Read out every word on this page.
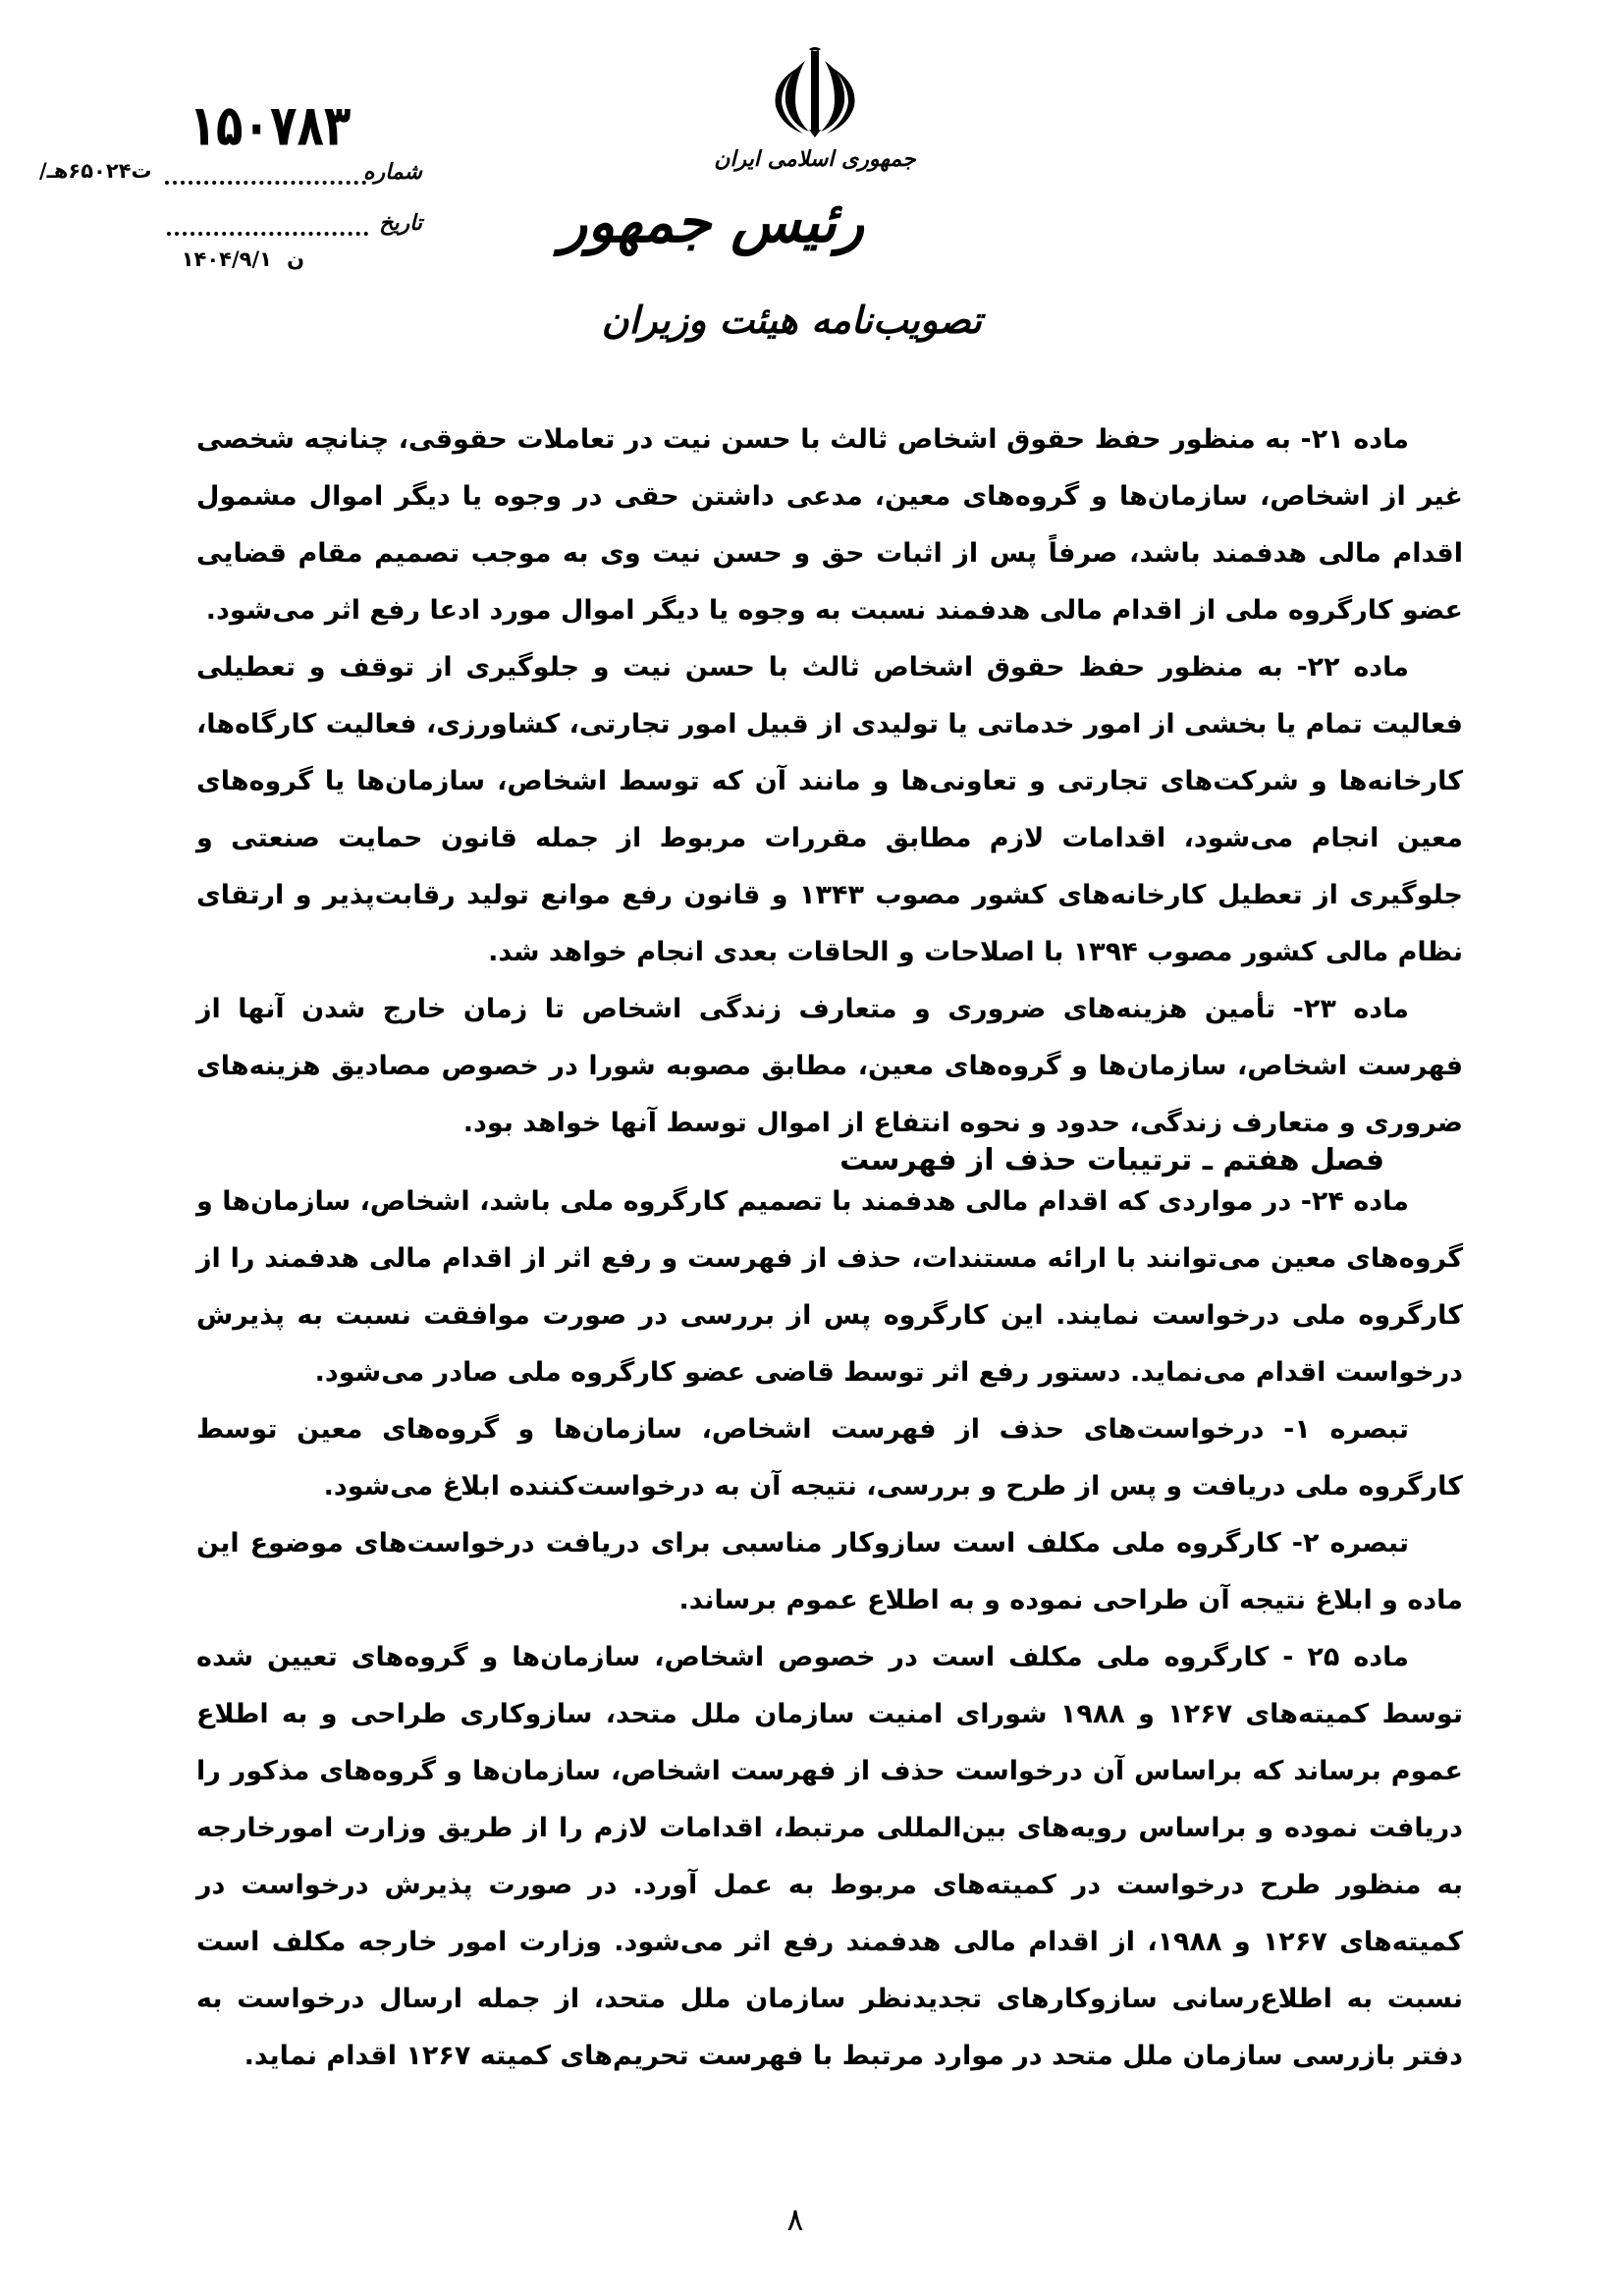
۱۵۰۷۸۳
شماره
ت۶۵۰۲۴هـ/
تاریخ
ن ۱۴۰۴/۹/۱
جمهوری اسلامی ایران
رئیس جمهور
تصویب‌نامه هیئت وزیران

ماده ۲۱- به منظور حفظ حقوق اشخاص ثالث با حسن نیت در تعاملات حقوقی، چنانچه شخصی غیر از اشخاص، سازمان‌ها و گروه‌های معین، مدعی داشتن حقی در وجوه یا دیگر اموال مشمول اقدام مالی هدفمند باشد، صرفاً پس از اثبات حق و حسن نیت وی به موجب تصمیم مقام قضایی عضو کارگروه ملی از اقدام مالی هدفمند نسبت به وجوه یا دیگر اموال مورد ادعا رفع اثر می‌شود.

ماده ۲۲- به منظور حفظ حقوق اشخاص ثالث با حسن نیت و جلوگیری از توقف و تعطیلی فعالیت تمام یا بخشی از امور خدماتی یا تولیدی از قبیل امور تجارتی، کشاورزی، فعالیت کارگاه‌ها، کارخانه‌ها و شرکت‌های تجارتی و تعاونی‌ها و مانند آن که توسط اشخاص، سازمان‌ها یا گروه‌های معین انجام می‌شود، اقدامات لازم مطابق مقررات مربوط از جمله قانون حمایت صنعتی و جلوگیری از تعطیل کارخانه‌های کشور مصوب ۱۳۴۳ و قانون رفع موانع تولید رقابت‌پذیر و ارتقای نظام مالی کشور مصوب ۱۳۹۴ با اصلاحات و الحاقات بعدی انجام خواهد شد.

ماده ۲۳- تأمین هزینه‌های ضروری و متعارف زندگی اشخاص تا زمان خارج شدن آنها از فهرست اشخاص، سازمان‌ها و گروه‌های معین، مطابق مصوبه شورا در خصوص مصادیق هزینه‌های ضروری و متعارف زندگی، حدود و نحوه انتفاع از اموال توسط آنها خواهد بود.

فصل هفتم ـ ترتیبات حذف از فهرست

ماده ۲۴- در مواردی که اقدام مالی هدفمند با تصمیم کارگروه ملی باشد، اشخاص، سازمان‌ها و گروه‌های معین می‌توانند با ارائه مستندات، حذف از فهرست و رفع اثر از اقدام مالی هدفمند را از کارگروه ملی درخواست نمایند. این کارگروه پس از بررسی در صورت موافقت نسبت به پذیرش درخواست اقدام می‌نماید. دستور رفع اثر توسط قاضی عضو کارگروه ملی صادر می‌شود.

تبصره ۱- درخواست‌های حذف از فهرست اشخاص، سازمان‌ها و گروه‌های معین توسط کارگروه ملی دریافت و پس از طرح و بررسی، نتیجه آن به درخواست‌کننده ابلاغ می‌شود.

تبصره ۲- کارگروه ملی مکلف است سازوکار مناسبی برای دریافت درخواست‌های موضوع این ماده و ابلاغ نتیجه آن طراحی نموده و به اطلاع عموم برساند.

ماده ۲۵ - کارگروه ملی مکلف است در خصوص اشخاص، سازمان‌ها و گروه‌های تعیین شده توسط کمیته‌های ۱۲۶۷ و ۱۹۸۸ شورای امنیت سازمان ملل متحد، سازوکاری طراحی و به اطلاع عموم برساند که براساس آن درخواست حذف از فهرست اشخاص، سازمان‌ها و گروه‌های مذکور را دریافت نموده و براساس رویه‌های بین‌المللی مرتبط، اقدامات لازم را از طریق وزارت امورخارجه به منظور طرح درخواست در کمیته‌های مربوط به عمل آورد. در صورت پذیرش درخواست در کمیته‌های ۱۲۶۷ و ۱۹۸۸، از اقدام مالی هدفمند رفع اثر می‌شود. وزارت امور خارجه مکلف است نسبت به اطلاع‌رسانی سازوکارهای تجدیدنظر سازمان ملل متحد، از جمله ارسال درخواست به دفتر بازرسی سازمان ملل متحد در موارد مرتبط با فهرست تحریم‌های کمیته ۱۲۶۷ اقدام نماید.

۸
